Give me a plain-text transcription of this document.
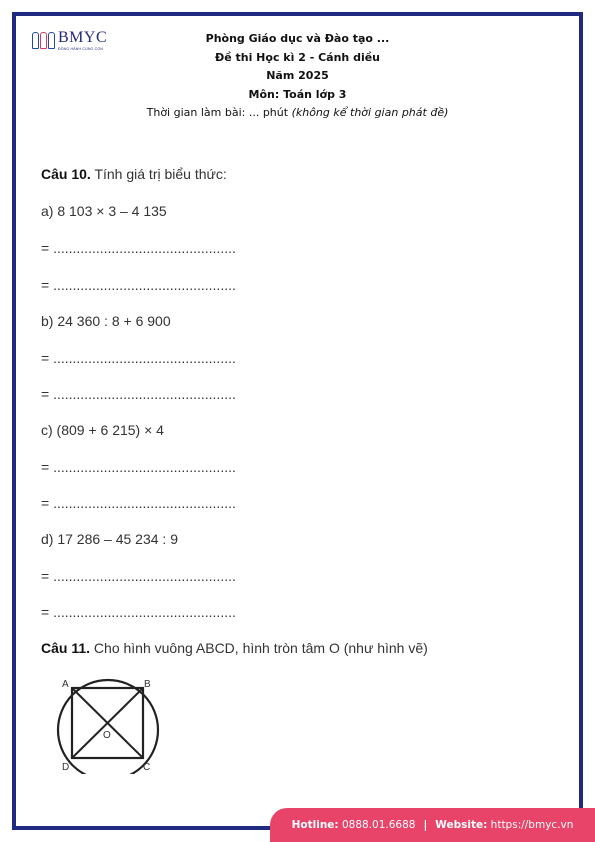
BMYC
ĐỒNG HÀNH CÙNG CON
Phòng Giáo dục và Đào tạo ...
Đề thi Học kì 2 - Cánh diều
Năm 2025
Môn: Toán lớp 3
Thời gian làm bài: ... phút (không kể thời gian phát đề)
Câu 10. Tính giá trị biểu thức:
a) 8 103 × 3 – 4 135
= ...............................................
= ...............................................
b) 24 360 : 8 + 6 900
= ...............................................
= ...............................................
c) (809 + 6 215) × 4
= ...............................................
= ...............................................
d) 17 286 – 45 234 : 9
= ...............................................
= ...............................................
Câu 11. Cho hình vuông ABCD, hình tròn tâm O (như hình vẽ)
A	B
C
D
O
Hotline:
0888.01.6688 | Website:
https://bmyc.vn
